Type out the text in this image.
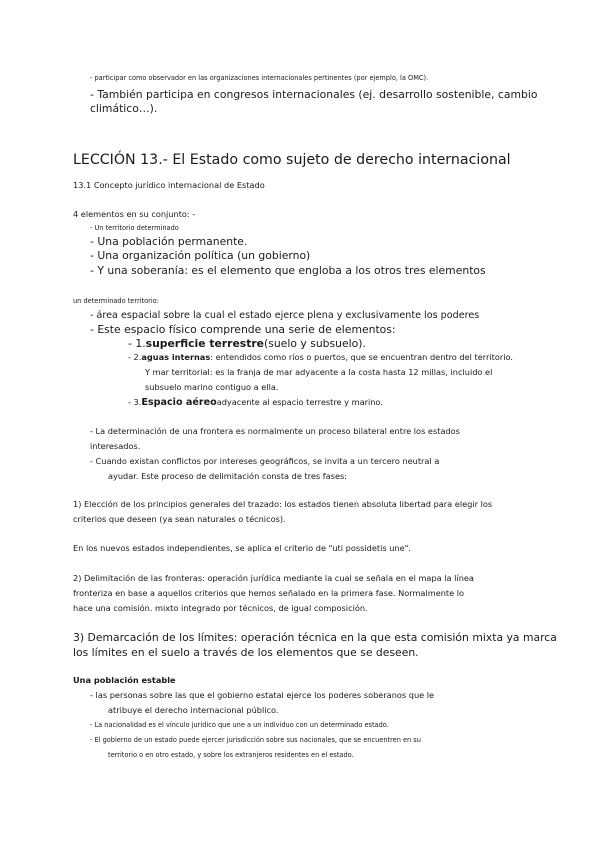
- participar como observador en las organizaciones internacionales pertinentes (por ejemplo, la OMC).
- También participa en congresos internacionales (ej. desarrollo sostenible, cambio
climático…).
LECCIÓN 13.- El Estado como sujeto de derecho internacional
13.1 Concepto jurídico internacional de Estado
4 elementos en su conjunto: -
- Un territorio determinado
- Una población permanente.
- Una organización política (un gobierno)
- Y una soberanía: es el elemento que engloba a los otros tres elementos
un determinado territorio:
- área espacial sobre la cual el estado ejerce plena y exclusivamente los poderes
- Este espacio físico comprende una serie de elementos:
- 1.superficie terrestre(suelo y subsuelo).
- 2.aguas internas: entendidos como ríos o puertos, que se encuentran dentro del territorio.
Y mar territorial: es la franja de mar adyacente a la costa hasta 12 millas, incluido el
subsuelo marino contiguo a ella.
- 3.Espacio aéreoadyacente al espacio terrestre y marino.
- La determinación de una frontera es normalmente un proceso bilateral entre los estados
interesados.
- Cuando existan conflictos por intereses geográficos, se invita a un tercero neutral a
ayudar. Este proceso de delimitación consta de tres fases:
1) Elección de los principios generales del trazado: los estados tienen absoluta libertad para elegir los
criterios que deseen (ya sean naturales o técnicos).
En los nuevos estados independientes, se aplica el criterio de "uti possidetis une".
2) Delimitación de las fronteras: operación jurídica mediante la cual se señala en el mapa la línea
fronteriza en base a aquellos criterios que hemos señalado en la primera fase. Normalmente lo
hace una comisión. mixto integrado por técnicos, de igual composición.
3) Demarcación de los límites: operación técnica en la que esta comisión mixta ya marca
los límites en el suelo a través de los elementos que se deseen.
Una población estable
- las personas sobre las que el gobierno estatal ejerce los poderes soberanos que le
atribuye el derecho internacional público.
- La nacionalidad es el vínculo jurídico que une a un individuo con un determinado estado.
- El gobierno de un estado puede ejercer jurisdicción sobre sus nacionales, que se encuentren en su
territorio o en otro estado, y sobre los extranjeros residentes en el estado.
